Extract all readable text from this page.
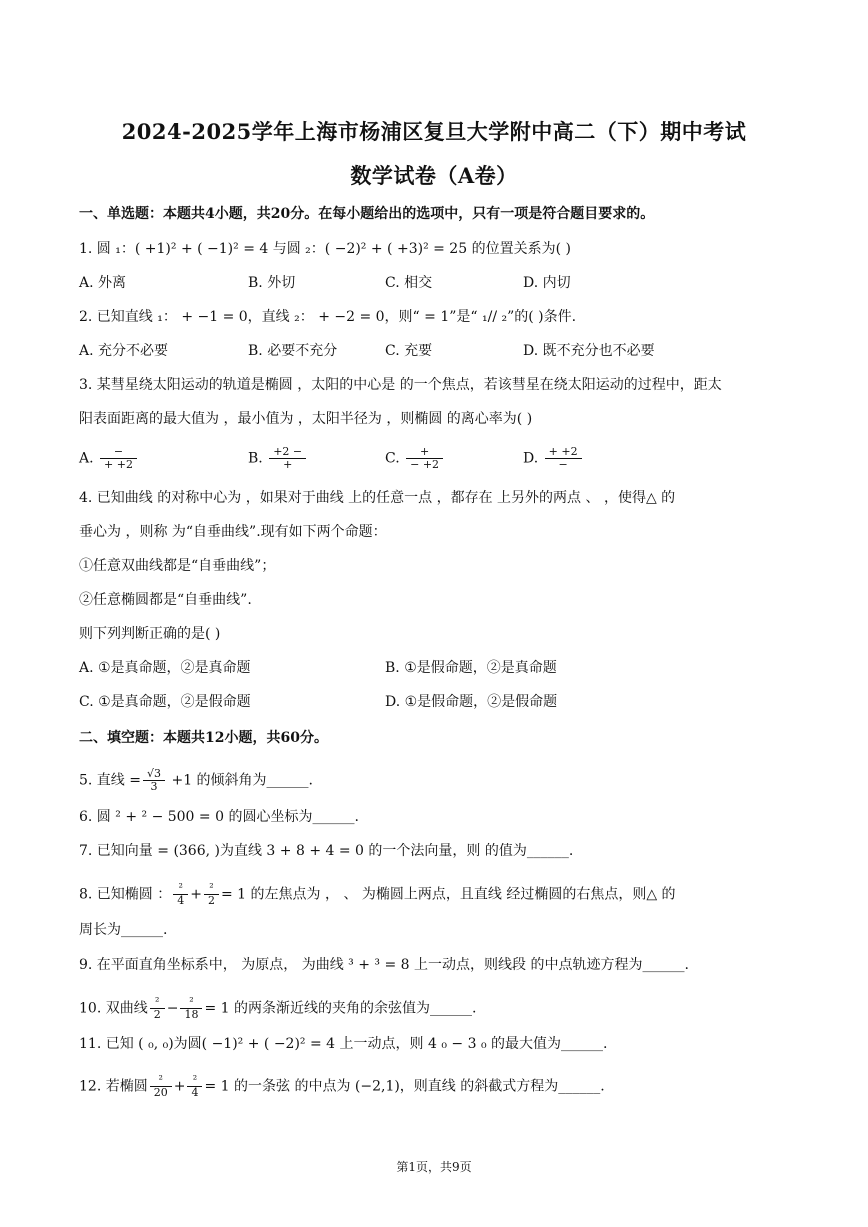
2024-2025学年上海市杨浦区复旦大学附中高二（下）期中考试
数学试卷（A卷）
一、单选题：本题共4小题，共20分。在每小题给出的选项中，只有一项是符合题目要求的。
1. 圆 ₁：( +1)² + ( −1)² = 4 与圆 ₂：( −2)² + ( +3)² = 25 的位置关系为( )
A. 外离	B. 外切	C. 相交	D. 内切
2. 已知直线 ₁： + −1 = 0，直线 ₂： + −2 = 0，则“ = 1”是“ ₁// ₂”的( )条件.
A. 充分不必要	B. 必要不充分	C. 充要	D. 既不充分也不必要
3. 某彗星绕太阳运动的轨道是椭圆 ，太阳的中心是 的一个焦点，若该彗星在绕太阳运动的过程中，距太
阳表面距离的最大值为 ，最小值为 ，太阳半径为 ，则椭圆 的离心率为( )
A. $\frac{-}{+ +2}$	B. $\frac{+2 -}{+}$	C. $\frac{+}{- +2}$	D. $\frac{+ +2}{-}$
4. 已知曲线 的对称中心为 ，如果对于曲线 上的任意一点 ，都存在 上另外的两点 、 ，使得△ 的
垂心为 ，则称 为“自垂曲线”.现有如下两个命题：
①任意双曲线都是“自垂曲线”；
②任意椭圆都是“自垂曲线”.
则下列判断正确的是( )
A. ①是真命题，②是真命题	B. ①是假命题，②是真命题
C. ①是真命题，②是假命题	D. ①是假命题，②是假命题
二、填空题：本题共12小题，共60分。
5. 直线 = $\frac{√3}{3} +1$ 的倾斜角为______.
6. 圆 ² + ² − 500 = 0 的圆心坐标为______.
7. 已知向量 = (366, )为直线 3 + 8 + 4 = 0 的一个法向量，则 的值为______.
8. 已知椭圆 ： $\frac{\text{²}}{4} + \frac{\text{²}}{2} = 1$ 的左焦点为 ， 、 为椭圆上两点，且直线 经过椭圆的右焦点，则△ 的
周长为______.
9. 在平面直角坐标系中， 为原点， 为曲线 ³ + ³ = 8 上一动点，则线段 的中点轨迹方程为______.
10. 双曲线 $\frac{\text{²}}{2} - \frac{\text{²}}{18} = 1$ 的两条渐近线的夹角的余弦值为______.
11. 已知 ( ₀, ₀)为圆( −1)² + ( −2)² = 4 上一动点，则 4 ₀ − 3 ₀ 的最大值为______.
12. 若椭圆 $\frac{\text{²}}{20} + \frac{\text{²}}{4} = 1$ 的一条弦 的中点为 (−2,1)，则直线 的斜截式方程为______.
第1页，共9页
